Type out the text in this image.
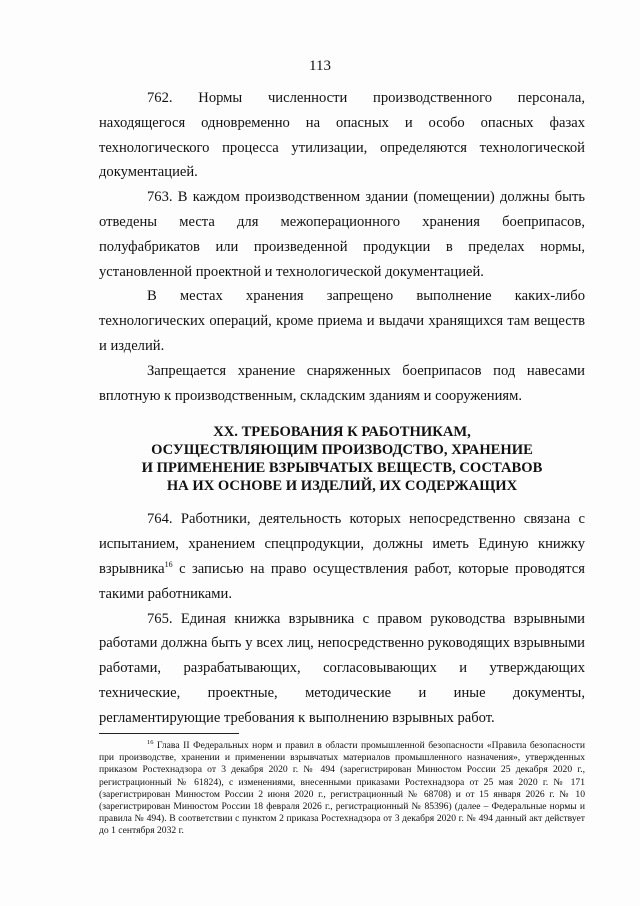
113

762. Нормы численности производственного персонала, находящегося одновременно на опасных и особо опасных фазах технологического процесса утилизации, определяются технологической документацией.

763. В каждом производственном здании (помещении) должны быть отведены места для межоперационного хранения боеприпасов, полуфабрикатов или произведенной продукции в пределах нормы, установленной проектной и технологической документацией.

В местах хранения запрещено выполнение каких-либо технологических операций, кроме приема и выдачи хранящихся там веществ и изделий.

Запрещается хранение снаряженных боеприпасов под навесами вплотную к производственным, складским зданиям и сооружениям.

XX. ТРЕБОВАНИЯ К РАБОТНИКАМ,
ОСУЩЕСТВЛЯЮЩИМ ПРОИЗВОДСТВО, ХРАНЕНИЕ
И ПРИМЕНЕНИЕ ВЗРЫВЧАТЫХ ВЕЩЕСТВ, СОСТАВОВ
НА ИХ ОСНОВЕ И ИЗДЕЛИЙ, ИХ СОДЕРЖАЩИХ

764. Работники, деятельность которых непосредственно связана с испытанием, хранением спецпродукции, должны иметь Единую книжку взрывника$^{16}$ с записью на право осуществления работ, которые проводятся такими работниками.

765. Единая книжка взрывника с правом руководства взрывными работами должна быть у всех лиц, непосредственно руководящих взрывными работами, разрабатывающих, согласовывающих и утверждающих технические, проектные, методические и иные документы, регламентирующие требования к выполнению взрывных работ.

$^{16}$ Глава II Федеральных норм и правил в области промышленной безопасности «Правила безопасности при производстве, хранении и применении взрывчатых материалов промышленного назначения», утвержденных приказом Ростехнадзора от 3 декабря 2020 г. № 494 (зарегистрирован Минюстом России 25 декабря 2020 г., регистрационный № 61824), с изменениями, внесенными приказами Ростехнадзора от 25 мая 2020 г. № 171 (зарегистрирован Минюстом России 2 июня 2020 г., регистрационный № 68708) и от 15 января 2026 г. № 10 (зарегистрирован Минюстом России 18 февраля 2026 г., регистрационный № 85396) (далее – Федеральные нормы и правила № 494). В соответствии с пунктом 2 приказа Ростехнадзора от 3 декабря 2020 г. № 494 данный акт действует до 1 сентября 2032 г.
